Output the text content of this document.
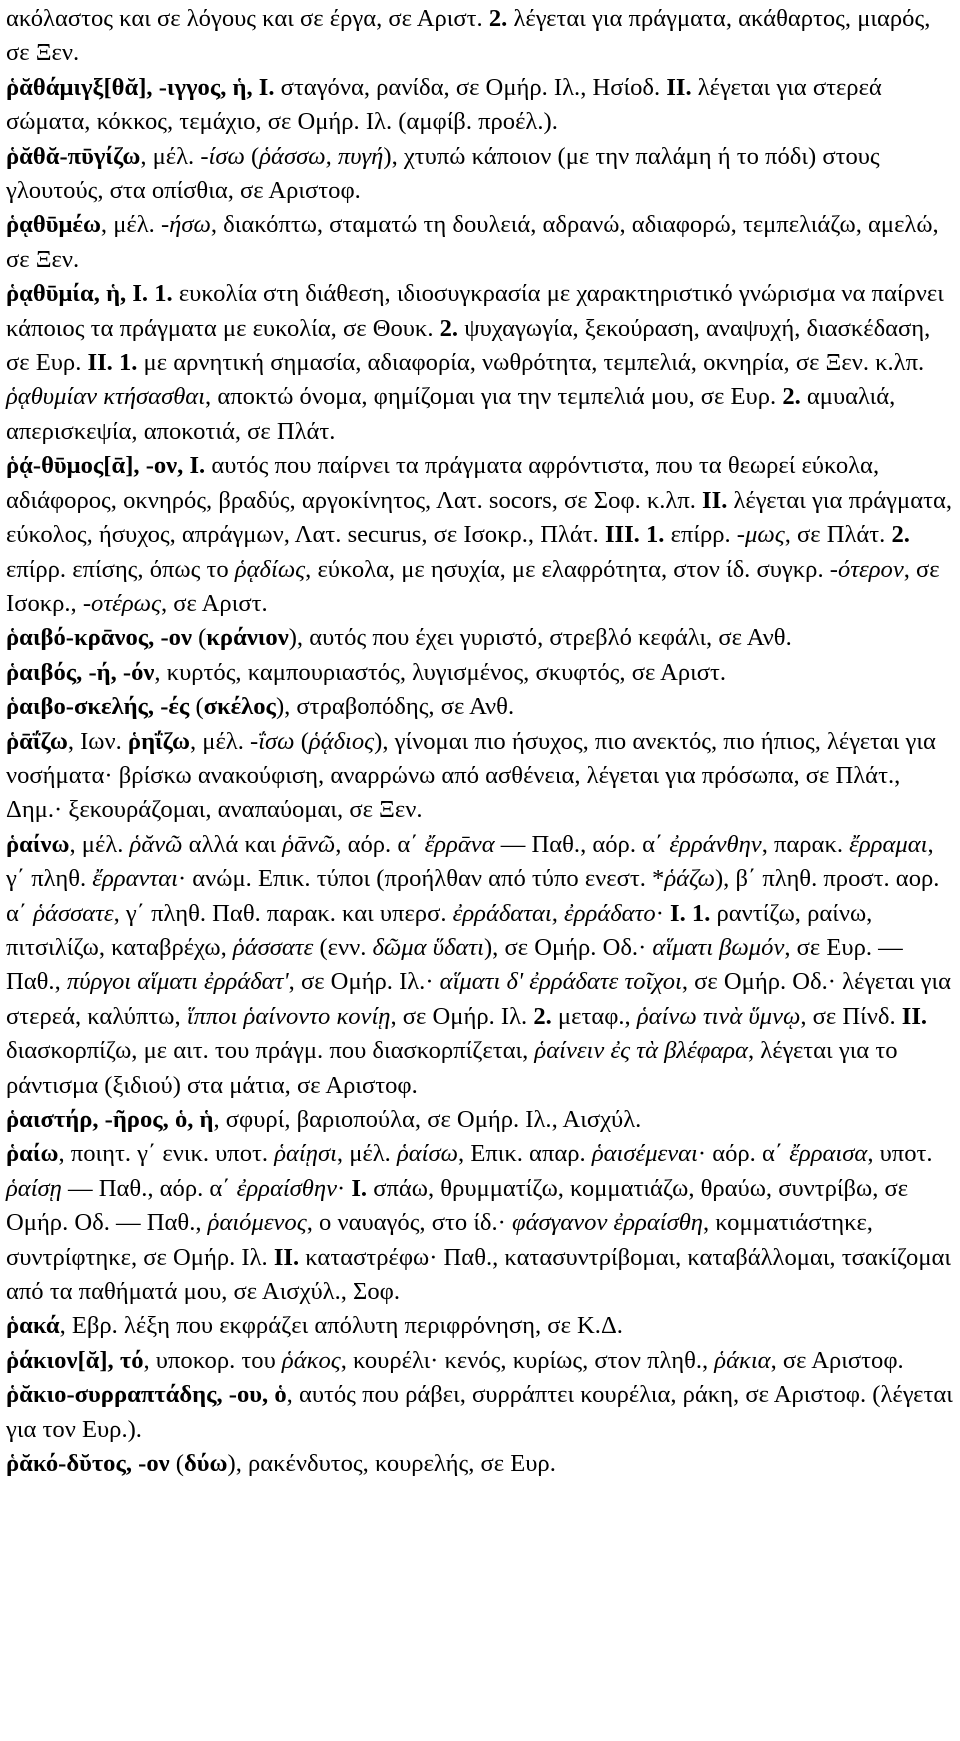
ακόλαστος και σε λόγους και σε έργα, σε Αριστ. 2. λέγεται για πράγματα, ακάθαρτος, μιαρός, σε Ξεν.

ῥᾰθάμιγξ[θᾰ], -ιγγος, ἡ, I. σταγόνα, ρανίδα, σε Ομήρ. Ιλ., Ησίοδ. II. λέγεται για στερεά σώματα, κόκκος, τεμάχιο, σε Ομήρ. Ιλ. (αμφίβ. προέλ.).

ῥᾰθᾰ-πῡγίζω, μέλ. -ίσω (ῥάσσω, πυγή), χτυπώ κάποιον (με την παλάμη ή το πόδι) στους γλουτούς, στα οπίσθια, σε Αριστοφ.

ῥᾳθῡμέω, μέλ. -ήσω, διακόπτω, σταματώ τη δουλειά, αδρανώ, αδιαφορώ, τεμπελιάζω, αμελώ, σε Ξεν.

ῥᾳθῡμία, ἡ, I. 1. ευκολία στη διάθεση, ιδιοσυγκρασία με χαρακτηριστικό γνώρισμα να παίρνει κάποιος τα πράγματα με ευκολία, σε Θουκ. 2. ψυχαγωγία, ξεκούραση, αναψυχή, διασκέδαση, σε Ευρ. II. 1. με αρνητική σημασία, αδιαφορία, νωθρότητα, τεμπελιά, οκνηρία, σε Ξεν. κ.λπ. ῥᾳθυμίαν κτήσασθαι, αποκτώ όνομα, φημίζομαι για την τεμπελιά μου, σε Ευρ. 2. αμυαλιά, απερισκεψία, αποκοτιά, σε Πλάτ.

ῥᾴ-θῡμος[ᾱ], -ον, I. αυτός που παίρνει τα πράγματα αφρόντιστα, που τα θεωρεί εύκολα, αδιάφορος, οκνηρός, βραδύς, αργοκίνητος, Λατ. socors, σε Σοφ. κ.λπ. II. λέγεται για πράγματα, εύκολος, ήσυχος, απράγμων, Λατ. securus, σε Ισοκρ., Πλάτ. III. 1. επίρρ. -μως, σε Πλάτ. 2. επίρρ. επίσης, όπως το ῥᾳδίως, εύκολα, με ησυχία, με ελαφρότητα, στον ίδ. συγκρ. -ότερον, σε Ισοκρ., -οτέρως, σε Αριστ.

ῥαιβό-κρᾱνος, -ον (κράνιον), αυτός που έχει γυριστό, στρεβλό κεφάλι, σε Ανθ.

ῥαιβός, -ή, -όν, κυρτός, καμπουριαστός, λυγισμένος, σκυφτός, σε Αριστ.

ῥαιβο-σκελής, -ές (σκέλος), στραβοπόδης, σε Ανθ.

ῥᾱΐζω, Ιων. ῥηΐζω, μέλ. -ΐσω (ῥᾴδιος), γίνομαι πιο ήσυχος, πιο ανεκτός, πιο ήπιος, λέγεται για νοσήματα· βρίσκω ανακούφιση, αναρρώνω από ασθένεια, λέγεται για πρόσωπα, σε Πλάτ., Δημ.· ξεκουράζομαι, αναπαύομαι, σε Ξεν.

ῥαίνω, μέλ. ῥᾰνῶ αλλά και ῥᾱνῶ, αόρ. α΄ ἔρρᾱνα — Παθ., αόρ. α΄ ἐρράνθην, παρακ. ἔρραμαι, γ΄ πληθ. ἔρρανται· ανώμ. Επικ. τύποι (προήλθαν από τύπο ενεστ. *ῥάζω), β΄ πληθ. προστ. αορ. α΄ ῥάσσατε, γ΄ πληθ. Παθ. παρακ. και υπερσ. ἐρράδαται, ἐρράδατο· I. 1. ραντίζω, ραίνω, πιτσιλίζω, καταβρέχω, ῥάσσατε (ενν. δῶμα ὕδατι), σε Ομήρ. Οδ.· αἵματι βωμόν, σε Ευρ. — Παθ., πύργοι αἵματι ἐρράδατ', σε Ομήρ. Ιλ.· αἵματι δ' ἐρράδατε τοῖχοι, σε Ομήρ. Οδ.· λέγεται για στερεά, καλύπτω, ἵπποι ῥαίνοντο κονίῃ, σε Ομήρ. Ιλ. 2. μεταφ., ῥαίνω τινὰ ὕμνῳ, σε Πίνδ. II. διασκορπίζω, με αιτ. του πράγμ. που διασκορπίζεται, ῥαίνειν ἐς τὰ βλέφαρα, λέγεται για το ράντισμα (ξιδιού) στα μάτια, σε Αριστοφ.

ῥαιστήρ, -ῆρος, ὁ, ἡ, σφυρί, βαριοπούλα, σε Ομήρ. Ιλ., Αισχύλ.

ῥαίω, ποιητ. γ΄ ενικ. υποτ. ῥαίῃσι, μέλ. ῥαίσω, Επικ. απαρ. ῥαισέμεναι· αόρ. α΄ ἔρραισα, υποτ. ῥαίσῃ — Παθ., αόρ. α΄ ἐρραίσθην· I. σπάω, θρυμματίζω, κομματιάζω, θραύω, συντρίβω, σε Ομήρ. Οδ. — Παθ., ῥαιόμενος, ο ναυαγός, στο ίδ.· φάσγανον ἐρραίσθη, κομματιάστηκε, συντρίφτηκε, σε Ομήρ. Ιλ. II. καταστρέφω· Παθ., κατασυντρίβομαι, καταβάλλομαι, τσακίζομαι από τα παθήματά μου, σε Αισχύλ., Σοφ.

ῥακά, Εβρ. λέξη που εκφράζει απόλυτη περιφρόνηση, σε Κ.Δ.

ῥάκιον[ᾰ], τό, υποκορ. του ῥάκος, κουρέλι· κενός, κυρίως, στον πληθ., ῥάκια, σε Αριστοφ.

ῥᾰκιο-συρραπτάδης, -ου, ὁ, αυτός που ράβει, συρράπτει κουρέλια, ράκη, σε Αριστοφ. (λέγεται για τον Ευρ.).

ῥᾰκό-δῠτος, -ον (δύω), ρακένδυτος, κουρελής, σε Ευρ.
